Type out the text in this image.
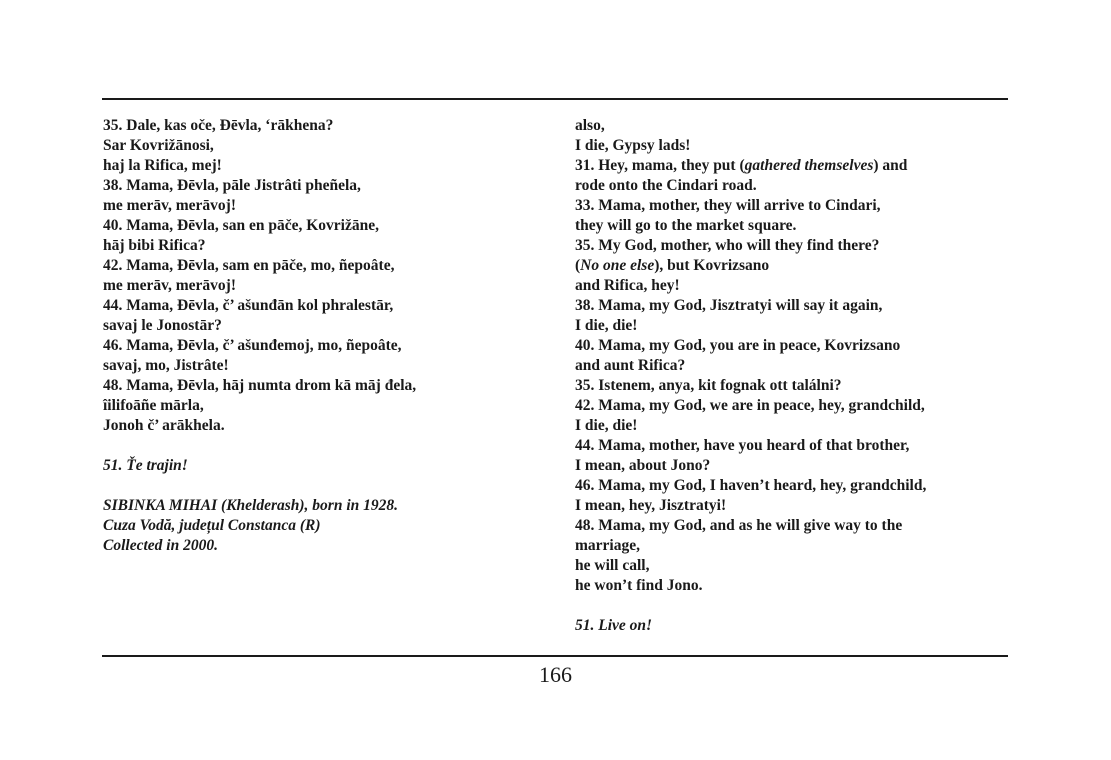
35. Dale, kas oče, Đēvla, ‘rākhena?
Sar Kovrižānosi,
haj la Rifica, mej!
38. Mama, Đēvla, pāle Jistrâti pheñela,
me merāv, merāvoj!
40. Mama, Đēvla, san en pāče, Kovrižāne,
hāj bibi Rifica?
42. Mama, Đēvla, sam en pāče, mo, ñepoâte,
me merāv, merāvoj!
44. Mama, Đēvla, č’ ašunđān kol phralestār,
savaj le Jonostār?
46. Mama, Đēvla, č’ ašunđemoj, mo, ñepoâte,
savaj, mo, Jistrâte!
48. Mama, Đēvla, hāj numta drom kā māj đela,
îilifoāñe mārla,
Jonoh č’ arākhela.
51. Ťe trajin!
SIBINKA MIHAI (Khelderash), born in 1928.
Cuza Vodă, județul Constanca (R)
Collected in 2000.
also,
I die, Gypsy lads!
31. Hey, mama, they put (gathered themselves) and
rode onto the Cindari road.
33. Mama, mother, they will arrive to Cindari,
they will go to the market square.
35. My God, mother, who will they find there?
(No one else), but Kovrizsano
and Rifica, hey!
38. Mama, my God, Jisztratyi will say it again,
I die, die!
40. Mama, my God, you are in peace, Kovrizsano
and aunt Rifica?
35. Istenem, anya, kit fognak ott találni?
42. Mama, my God, we are in peace, hey, grandchild,
I die, die!
44. Mama, mother, have you heard of that brother,
I mean, about Jono?
46. Mama, my God, I haven’t heard, hey, grandchild,
I mean, hey, Jisztratyi!
48. Mama, my God, and as he will give way to the
marriage,
he will call,
he won’t find Jono.
51. Live on!
166
